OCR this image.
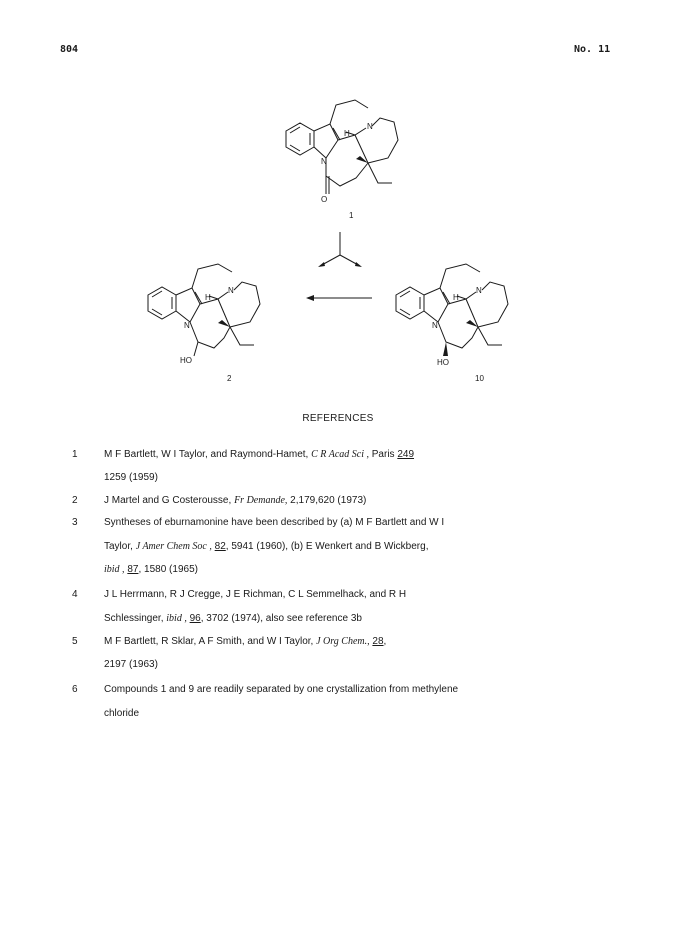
804	No. 11
H
N
N
O
1
H
N
N
HO
2
H
N
N
HO
10
REFERENCES
1	M F Bartlett, W I Taylor, and Raymond-Hamet, C R Acad Sci , Paris 249
1259 (1959)
2	J Martel and G Costerousse, Fr Demande, 2,179,620 (1973)
3	Syntheses of eburnamonine have been described by (a) M F Bartlett and W I
Taylor, J Amer Chem Soc , 82, 5941 (1960), (b) E Wenkert and B Wickberg,
ibid , 87, 1580 (1965)
4	J L Herrmann, R J Cregge, J E Richman, C L Semmelhack, and R H
Schlessinger, ibid , 96, 3702 (1974), also see reference 3b
5	M F Bartlett, R Sklar, A F Smith, and W I Taylor, J Org Chem., 28,
2197 (1963)
6	Compounds 1 and 9 are readily separated by one crystallization from methylene
chloride
